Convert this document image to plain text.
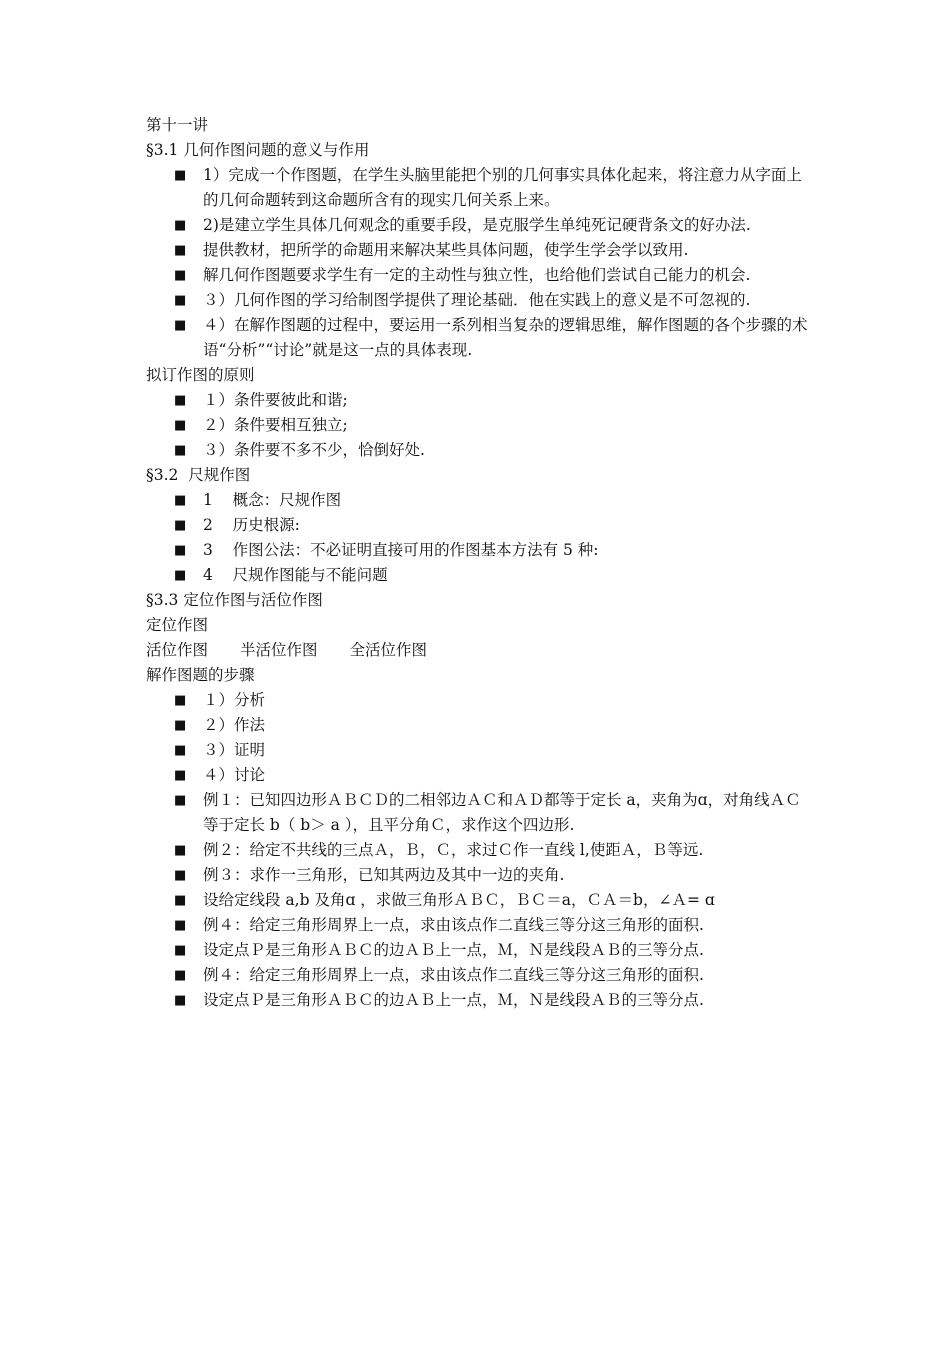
第十一讲
§3.1 几何作图问题的意义与作用
■ 1）完成一个作图题，在学生头脑里能把个别的几何事实具体化起来，将注意力从字面上的几何命题转到这命题所含有的现实几何关系上来。
■ 2)是建立学生具体几何观念的重要手段，是克服学生单纯死记硬背条文的好办法.
■ 提供教材，把所学的命题用来解决某些具体问题，使学生学会学以致用.
■ 解几何作图题要求学生有一定的主动性与独立性，也给他们尝试自己能力的机会.
■ ３）几何作图的学习给制图学提供了理论基础．他在实践上的意义是不可忽视的.
■ ４）在解作图题的过程中，要运用一系列相当复杂的逻辑思维，解作图题的各个步骤的术语“分析”“讨论”就是这一点的具体表现.
拟订作图的原则
■ １）条件要彼此和谐;
■ ２）条件要相互独立;
■ ３）条件要不多不少，恰倒好处.
§3.2  尺规作图
■ 1    概念：尺规作图
■ 2    历史根源:
■ 3    作图公法：不必证明直接可用的作图基本方法有 5 种:
■ 4    尺规作图能与不能问题
§3.3 定位作图与活位作图
定位作图
活位作图 半活位作图 全活位作图
解作图题的步骤
■ １）分析
■ ２）作法
■ ３）证明
■ ４）讨论
■ 例１：已知四边形ＡＢＣＤ的二相邻边ＡＣ和ＡＤ都等于定长 a，夹角为ɑ，对角线ＡＣ等于定长 b（ b＞ a ），且平分角Ｃ，求作这个四边形.
■ 例２：给定不共线的三点Ａ，Ｂ，Ｃ，求过Ｃ作一直线 l,使距Ａ，Ｂ等远.
■ 例３：求作一三角形，已知其两边及其中一边的夹角.
■ 设给定线段 a,b 及角ɑ ，求做三角形ＡＢＣ，ＢＣ＝a，ＣＡ＝b，∠Ａ= ɑ
■ 例４：给定三角形周界上一点，求由该点作二直线三等分这三角形的面积.
■ 设定点Ｐ是三角形ＡＢＣ的边ＡＢ上一点，Ｍ，Ｎ是线段ＡＢ的三等分点.
■ 例４：给定三角形周界上一点，求由该点作二直线三等分这三角形的面积.
■ 设定点Ｐ是三角形ＡＢＣ的边ＡＢ上一点，Ｍ，Ｎ是线段ＡＢ的三等分点.
